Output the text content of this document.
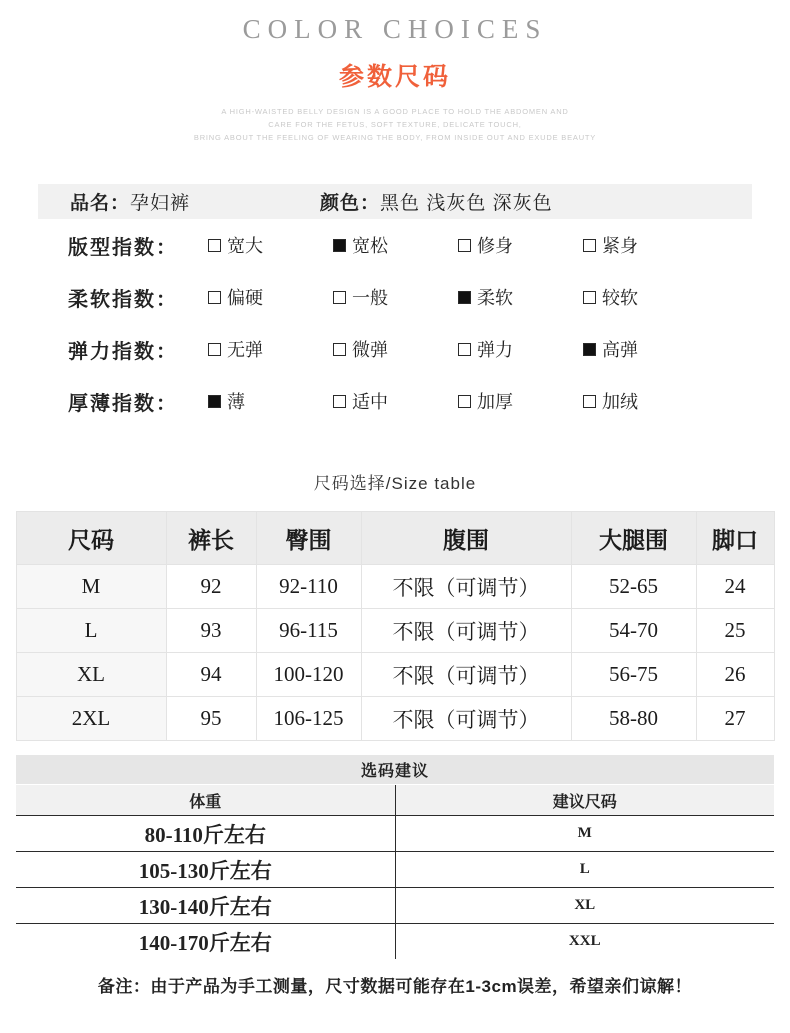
COLOR CHOICES
参数尺码
A HIGH-WAISTED BELLY DESIGN IS A GOOD PLACE TO HOLD THE ABDOMEN AND
CARE FOR THE FETUS, SOFT TEXTURE, DELICATE TOUCH,
BRING ABOUT THE FEELING OF WEARING THE BODY, FROM INSIDE OUT AND EXUDE BEAUTY
品名：孕妇裤	颜色：黑色 浅灰色 深灰色
版型指数：	宽大	宽松	修身	紧身
柔软指数：	偏硬	一般	柔软	较软
弹力指数：	无弹	微弹	弹力	高弹
厚薄指数：	薄	适中	加厚	加绒
尺码选择/Size table
尺码	裤长	臀围	腹围	大腿围	脚口
M	92	92-110	不限（可调节）	52-65	24
L	93	96-115	不限（可调节）	54-70	25
XL	94	100-120	不限（可调节）	56-75	26
2XL	95	106-125	不限（可调节）	58-80	27
选码建议	
体重	建议尺码
80-110斤左右	M
105-130斤左右	L
130-140斤左右	XL
140-170斤左右	XXL
备注：由于产品为手工测量，尺寸数据可能存在1-3cm误差，希望亲们谅解！
